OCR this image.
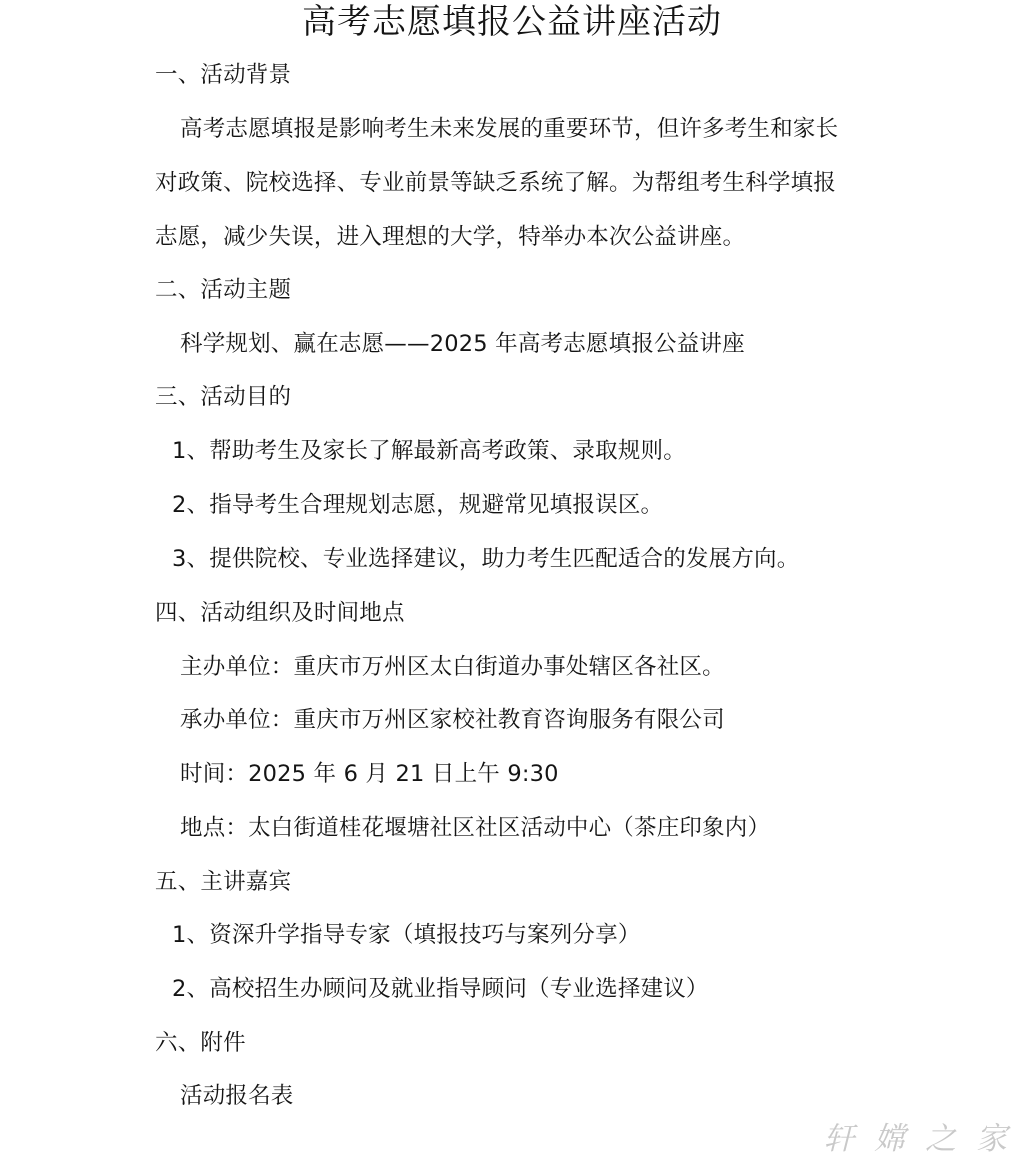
高考志愿填报公益讲座活动
一、活动背景
高考志愿填报是影响考生未来发展的重要环节，但许多考生和家长
对政策、院校选择、专业前景等缺乏系统了解。为帮组考生科学填报
志愿，减少失误，进入理想的大学，特举办本次公益讲座。
二、活动主题
科学规划、赢在志愿——2025 年高考志愿填报公益讲座
三、活动目的
1、帮助考生及家长了解最新高考政策、录取规则。
2、指导考生合理规划志愿，规避常见填报误区。
3、提供院校、专业选择建议，助力考生匹配适合的发展方向。
四、活动组织及时间地点
主办单位：重庆市万州区太白街道办事处辖区各社区。
承办单位：重庆市万州区家校社教育咨询服务有限公司
时间：2025 年 6 月 21 日上午 9:30
地点：太白街道桂花堰塘社区社区活动中心（茶庄印象内）
五、主讲嘉宾
1、资深升学指导专家（填报技巧与案列分享）
2、高校招生办顾问及就业指导顾问（专业选择建议）
六、附件
活动报名表
轩 嫦 之 家
